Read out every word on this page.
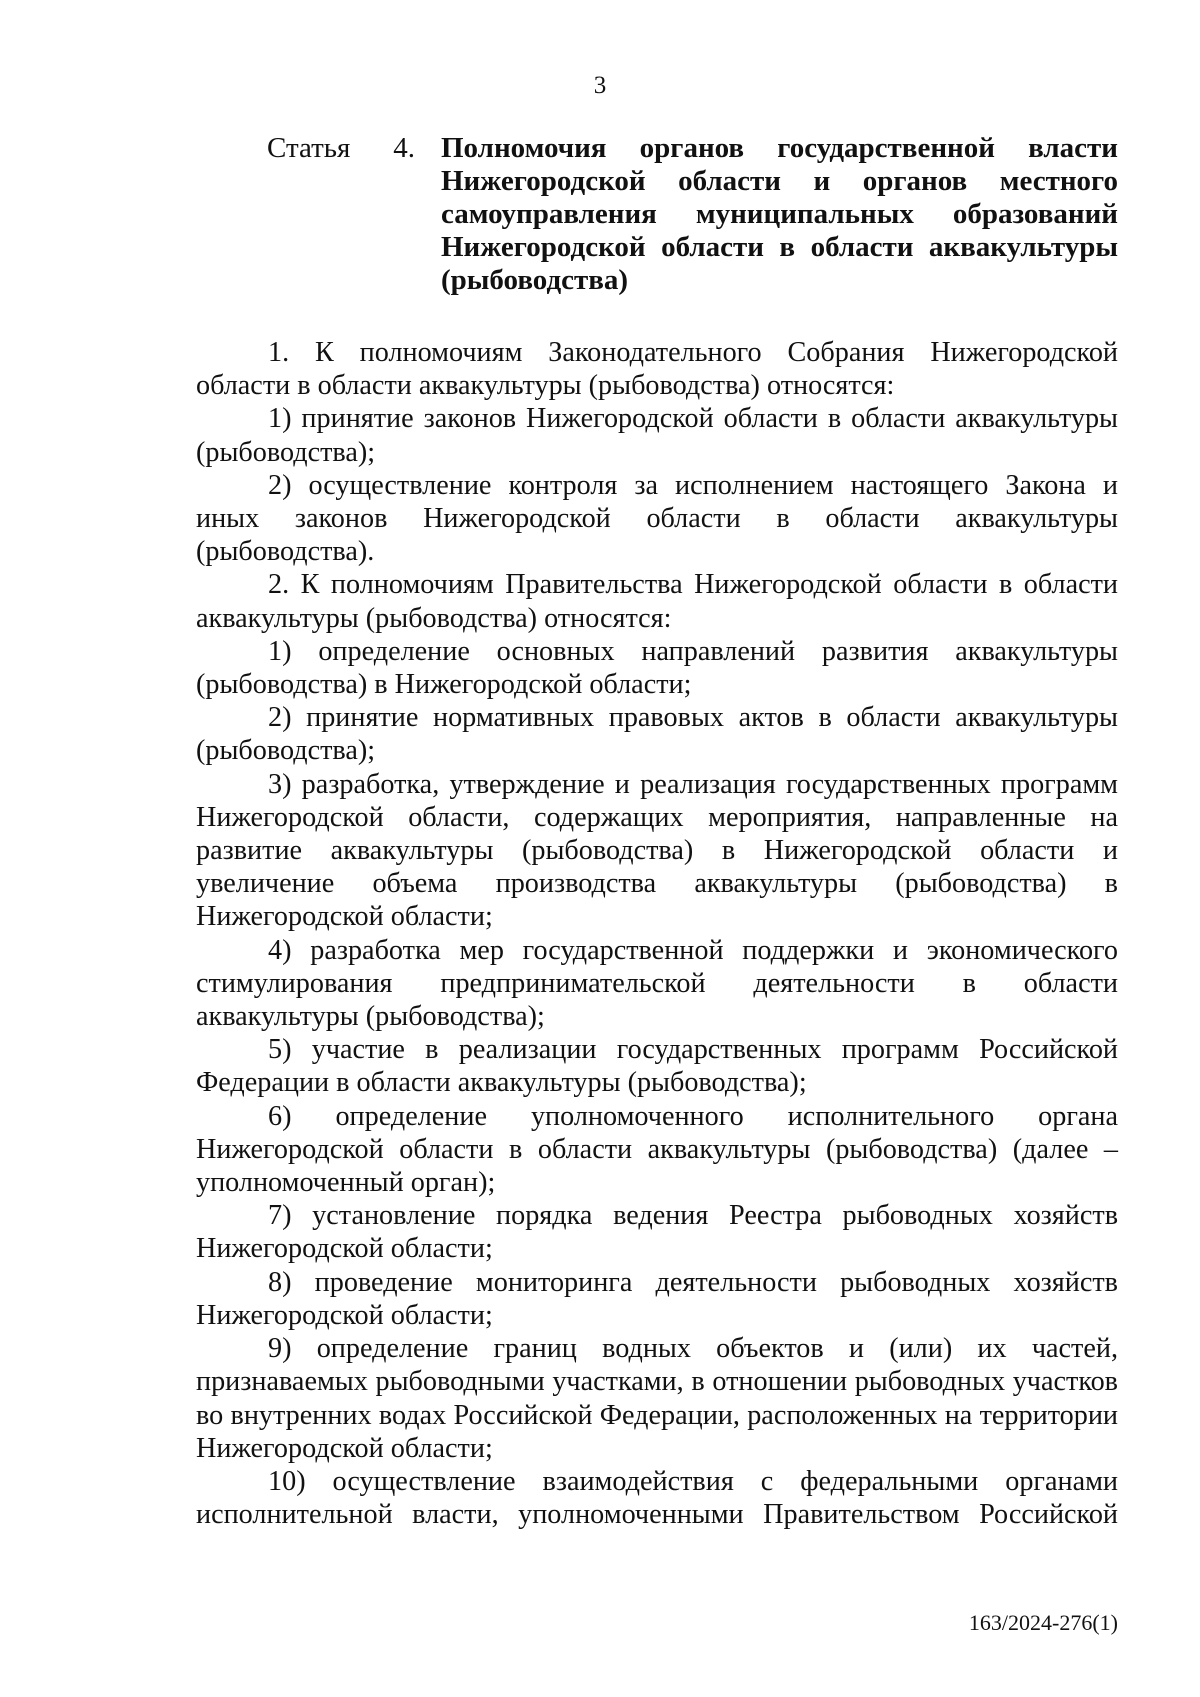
3
Статья 4. Полномочия органов государственной власти Нижегородской области и органов местного самоуправления муниципальных образований Нижегородской области в области аквакультуры (рыбоводства)

1. К полномочиям Законодательного Собрания Нижегородской области в области аквакультуры (рыбоводства) относятся:

1) принятие законов Нижегородской области в области аквакультуры (рыбоводства);

2) осуществление контроля за исполнением настоящего Закона и иных законов Нижегородской области в области аквакультуры (рыбоводства).

2. К полномочиям Правительства Нижегородской области в области аквакультуры (рыбоводства) относятся:

1) определение основных направлений развития аквакультуры (рыбоводства) в Нижегородской области;

2) принятие нормативных правовых актов в области аквакультуры (рыбоводства);

3) разработка, утверждение и реализация государственных программ Нижегородской области, содержащих мероприятия, направленные на развитие аквакультуры (рыбоводства) в Нижегородской области и увеличение объема производства аквакультуры (рыбоводства) в Нижегородской области;

4) разработка мер государственной поддержки и экономического стимулирования предпринимательской деятельности в области аквакультуры (рыбоводства);

5) участие в реализации государственных программ Российской Федерации в области аквакультуры (рыбоводства);

6) определение уполномоченного исполнительного органа Нижегородской области в области аквакультуры (рыбоводства) (далее – уполномоченный орган);

7) установление порядка ведения Реестра рыбоводных хозяйств Нижегородской области;

8) проведение мониторинга деятельности рыбоводных хозяйств Нижегородской области;

9) определение границ водных объектов и (или) их частей, признаваемых рыбоводными участками, в отношении рыбоводных участков во внутренних водах Российской Федерации, расположенных на территории Нижегородской области;

10) осуществление взаимодействия с федеральными органами исполнительной власти, уполномоченными Правительством Российской

163/2024-276(1)
